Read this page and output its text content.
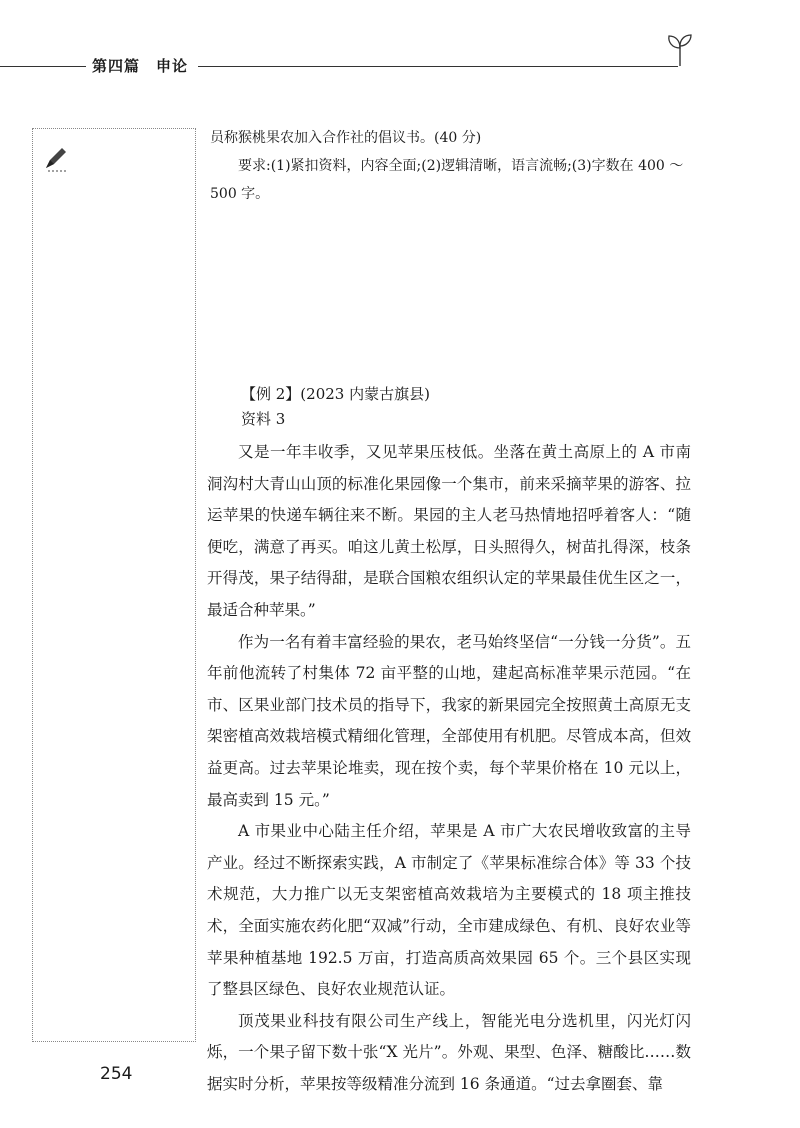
第四篇　申论

员称猴桃果农加入合作社的倡议书。(40 分)

要求:(1)紧扣资料，内容全面;(2)逻辑清晰，语言流畅;(3)字数在 400 ～ 500 字。

【例 2】(2023 内蒙古旗县)
资料 3

又是一年丰收季，又见苹果压枝低。坐落在黄土高原上的 A 市南洞沟村大青山山顶的标准化果园像一个集市，前来采摘苹果的游客、拉运苹果的快递车辆往来不断。果园的主人老马热情地招呼着客人：“随便吃，满意了再买。咱这儿黄土松厚，日头照得久，树苗扎得深，枝条开得茂，果子结得甜，是联合国粮农组织认定的苹果最佳优生区之一，最适合种苹果。”

作为一名有着丰富经验的果农，老马始终坚信“一分钱一分货”。五年前他流转了村集体 72 亩平整的山地，建起高标准苹果示范园。“在市、区果业部门技术员的指导下，我家的新果园完全按照黄土高原无支架密植高效栽培模式精细化管理，全部使用有机肥。尽管成本高，但效益更高。过去苹果论堆卖，现在按个卖，每个苹果价格在 10 元以上，最高卖到 15 元。”

A 市果业中心陆主任介绍，苹果是 A 市广大农民增收致富的主导产业。经过不断探索实践，A 市制定了《苹果标准综合体》等 33 个技术规范，大力推广以无支架密植高效栽培为主要模式的 18 项主推技术，全面实施农药化肥“双减”行动，全市建成绿色、有机、良好农业等苹果种植基地 192.5 万亩，打造高质高效果园 65 个。三个县区实现了整县区绿色、良好农业规范认证。

顶茂果业科技有限公司生产线上，智能光电分选机里，闪光灯闪烁，一个果子留下数十张“X 光片”。外观、果型、色泽、糖酸比……数据实时分析，苹果按等级精准分流到 16 条通道。“过去拿圈套、靠

254
